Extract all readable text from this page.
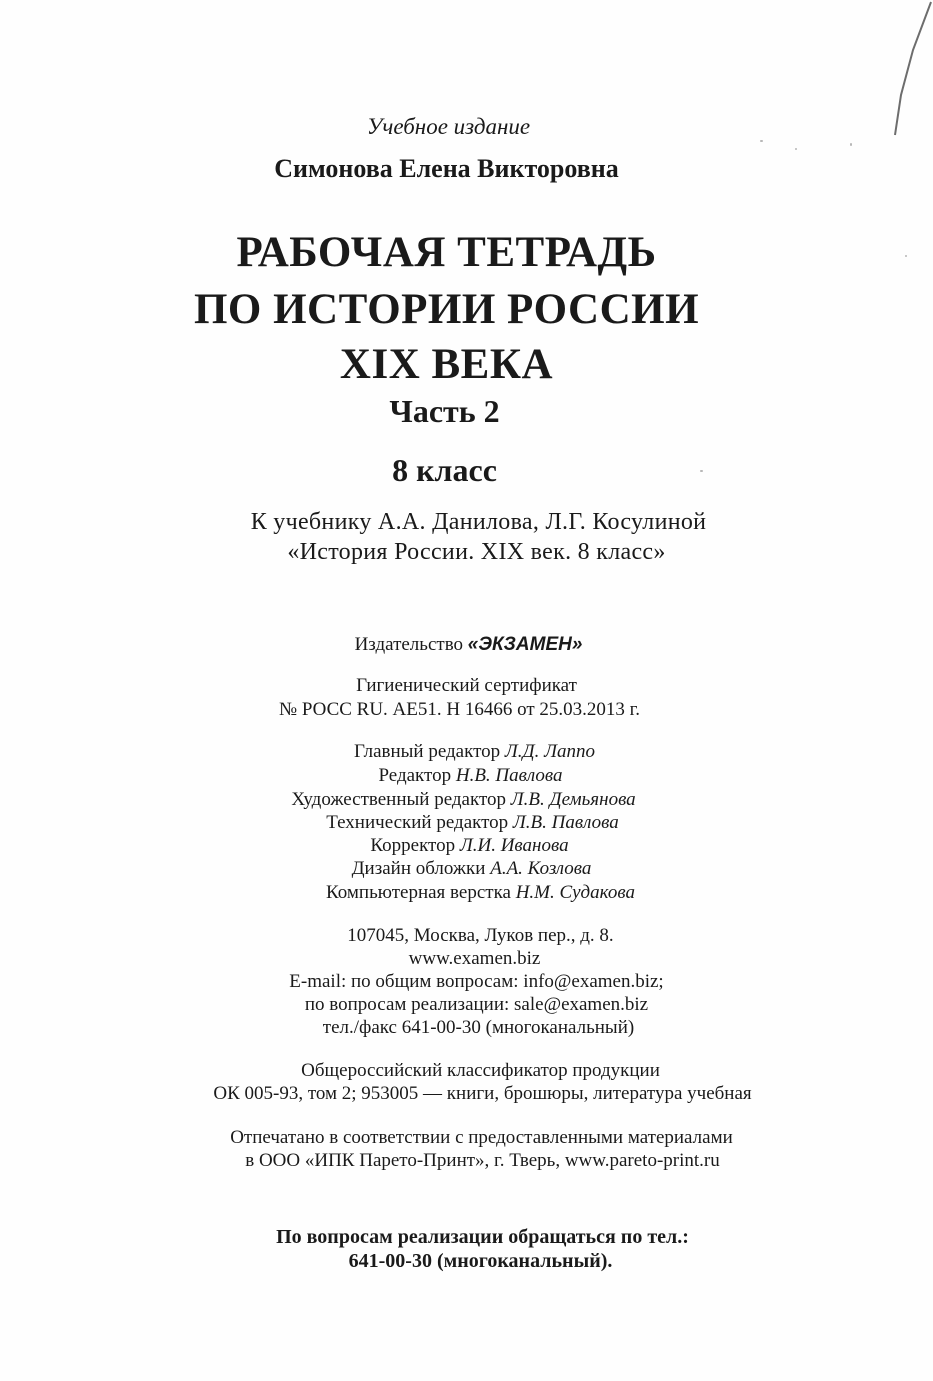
Учебное издание
Симонова Елена Викторовна
РАБОЧАЯ ТЕТРАДЬ
ПО ИСТОРИИ РОССИИ
XIX ВЕКА
Часть 2
8 класс
К учебнику А.А. Данилова, Л.Г. Косулиной
«История России. XIX век. 8 класс»
Издательство «ЭКЗАМЕН»
Гигиенический сертификат
№ РОСС RU. АЕ51. Н 16466 от 25.03.2013 г.
Главный редактор Л.Д. Лаппо
Редактор Н.В. Павлова
Художественный редактор Л.В. Демьянова
Технический редактор Л.В. Павлова
Корректор Л.И. Иванова
Дизайн обложки А.А. Козлова
Компьютерная верстка Н.М. Судакова
107045, Москва, Луков пер., д. 8.
www.examen.biz
E-mail: по общим вопросам: info@examen.biz;
по вопросам реализации: sale@examen.biz
тел./факс 641-00-30 (многоканальный)
Общероссийский классификатор продукции
ОК 005-93, том 2; 953005 — книги, брошюры, литература учебная
Отпечатано в соответствии с предоставленными материалами
в ООО «ИПК Парето-Принт», г. Тверь, www.pareto-print.ru
По вопросам реализации обращаться по тел.:
641-00-30 (многоканальный).
